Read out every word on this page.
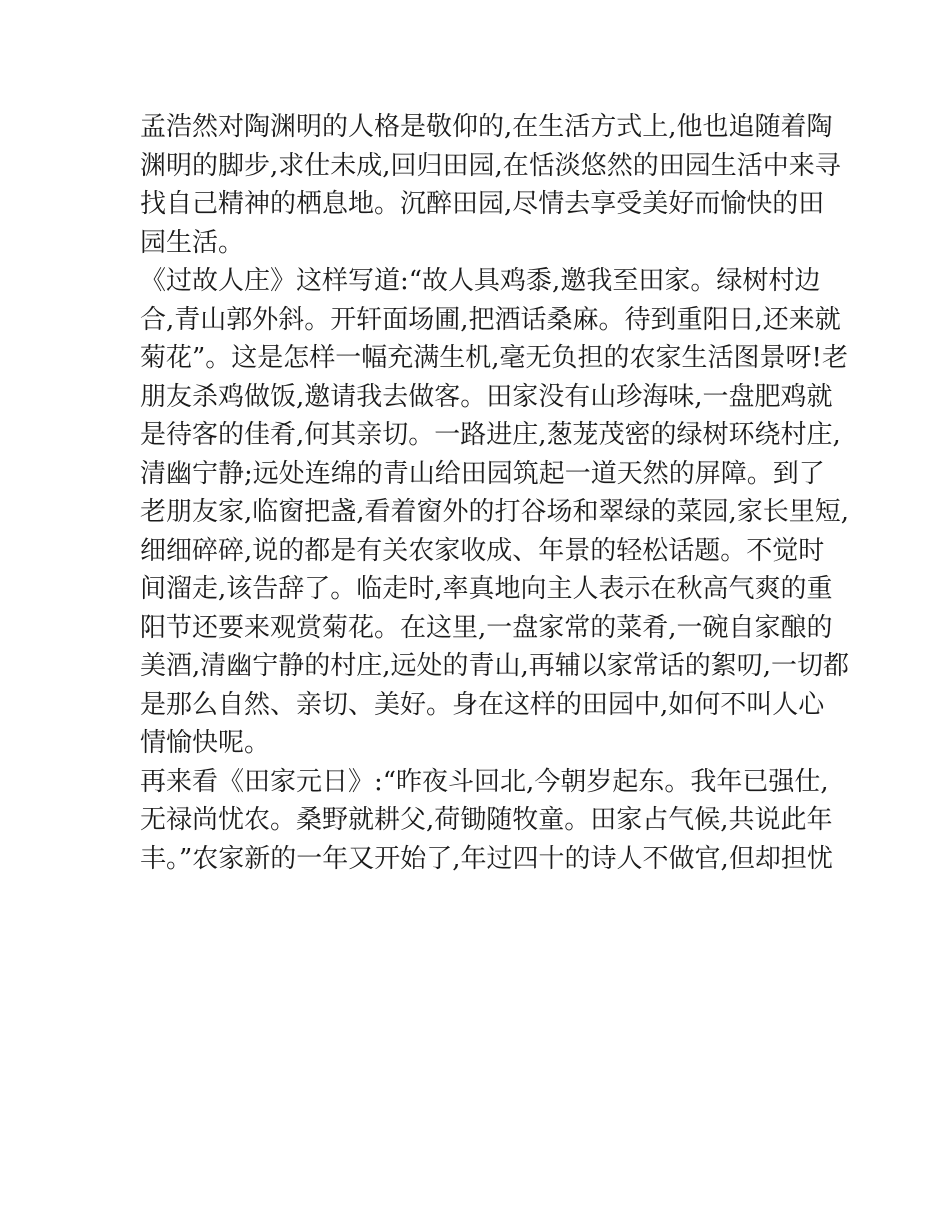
孟浩然对陶渊明的人格是敬仰的,在生活方式上,他也追随着陶
渊明的脚步,求仕未成,回归田园,在恬淡悠然的田园生活中来寻
找自己精神的栖息地。沉醉田园,尽情去享受美好而愉快的田
园生活。
《过故人庄》这样写道:“故人具鸡黍,邀我至田家。绿树村边
合,青山郭外斜。开轩面场圃,把酒话桑麻。待到重阳日,还来就
菊花”。这是怎样一幅充满生机,毫无负担的农家生活图景呀!老
朋友杀鸡做饭,邀请我去做客。田家没有山珍海味,一盘肥鸡就
是待客的佳肴,何其亲切。一路进庄,葱茏茂密的绿树环绕村庄,
清幽宁静;远处连绵的青山给田园筑起一道天然的屏障。到了
老朋友家,临窗把盏,看着窗外的打谷场和翠绿的菜园,家长里短,
细细碎碎,说的都是有关农家收成、年景的轻松话题。不觉时
间溜走,该告辞了。临走时,率真地向主人表示在秋高气爽的重
阳节还要来观赏菊花。在这里,一盘家常的菜肴,一碗自家酿的
美酒,清幽宁静的村庄,远处的青山,再辅以家常话的絮叨,一切都
是那么自然、亲切、美好。身在这样的田园中,如何不叫人心
情愉快呢。
再来看《田家元日》:“昨夜斗回北,今朝岁起东。我年已强仕,
无禄尚忧农。桑野就耕父,荷锄随牧童。田家占气候,共说此年
丰。”农家新的一年又开始了,年过四十的诗人不做官,但却担忧
